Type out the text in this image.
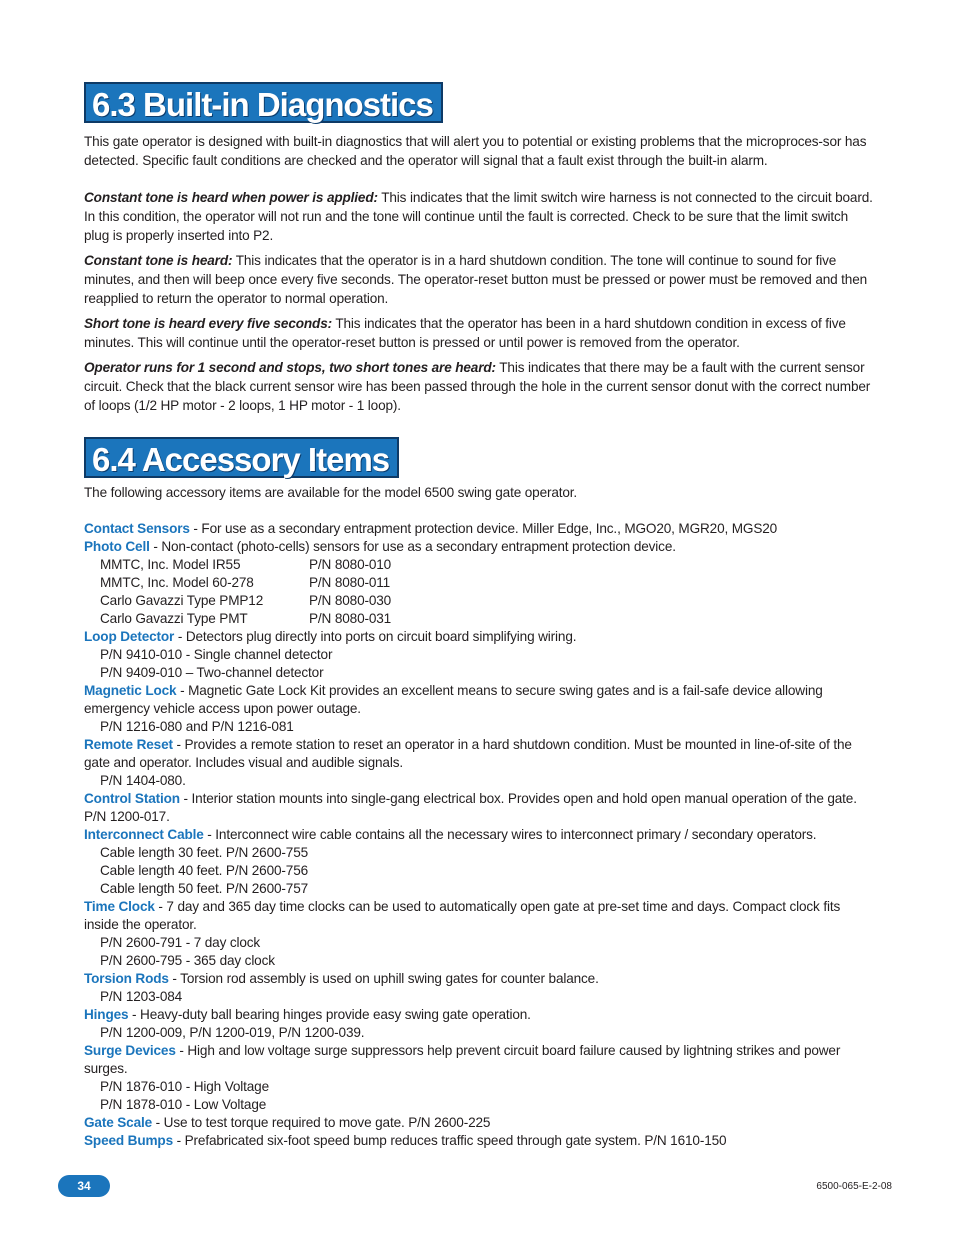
6.3 Built-in Diagnostics

This gate operator is designed with built-in diagnostics that will alert you to potential or existing problems that the microproces-sor has detected. Specific fault conditions are checked and the operator will signal that a fault exist through the built-in alarm.

Constant tone is heard when power is applied: This indicates that the limit switch wire harness is not connected to the circuit board. In this condition, the operator will not run and the tone will continue until the fault is corrected. Check to be sure that the limit switch plug is properly inserted into P2.

Constant tone is heard: This indicates that the operator is in a hard shutdown condition. The tone will continue to sound for five minutes, and then will beep once every five seconds. The operator-reset button must be pressed or power must be removed and then reapplied to return the operator to normal operation.

Short tone is heard every five seconds: This indicates that the operator has been in a hard shutdown condition in excess of five minutes. This will continue until the operator-reset button is pressed or until power is removed from the operator.

Operator runs for 1 second and stops, two short tones are heard: This indicates that there may be a fault with the current sensor circuit. Check that the black current sensor wire has been passed through the hole in the current sensor donut with the correct number of loops (1/2 HP motor - 2 loops, 1 HP motor - 1 loop).

6.4 Accessory Items

The following accessory items are available for the model 6500 swing gate operator.

Contact Sensors - For use as a secondary entrapment protection device. Miller Edge, Inc., MGO20, MGR20, MGS20

Photo Cell - Non-contact (photo-cells) sensors for use as a secondary entrapment protection device.

MMTC, Inc. Model IR55	P/N 8080-010
MMTC, Inc. Model 60-278	P/N 8080-011
Carlo Gavazzi Type PMP12	P/N 8080-030
Carlo Gavazzi Type PMT	P/N 8080-031

Loop Detector - Detectors plug directly into ports on circuit board simplifying wiring.

P/N 9410-010 - Single channel detector

P/N 9409-010 – Two-channel detector

Magnetic Lock - Magnetic Gate Lock Kit provides an excellent means to secure swing gates and is a fail-safe device allowing emergency vehicle access upon power outage.

P/N 1216-080 and P/N 1216-081

Remote Reset - Provides a remote station to reset an operator in a hard shutdown condition. Must be mounted in line-of-site of the gate and operator. Includes visual and audible signals.

P/N 1404-080.

Control Station - Interior station mounts into single-gang electrical box. Provides open and hold open manual operation of the gate. P/N 1200-017.

Interconnect Cable - Interconnect wire cable contains all the necessary wires to interconnect primary / secondary operators.

Cable length 30 feet. P/N 2600-755

Cable length 40 feet. P/N 2600-756

Cable length 50 feet. P/N 2600-757

Time Clock - 7 day and 365 day time clocks can be used to automatically open gate at pre-set time and days. Compact clock fits inside the operator.

P/N 2600-791 - 7 day clock

P/N 2600-795 - 365 day clock

Torsion Rods - Torsion rod assembly is used on uphill swing gates for counter balance.

P/N 1203-084

Hinges - Heavy-duty ball bearing hinges provide easy swing gate operation.

P/N 1200-009, P/N 1200-019, P/N 1200-039.

Surge Devices - High and low voltage surge suppressors help prevent circuit board failure caused by lightning strikes and power surges.

P/N 1876-010 - High Voltage

P/N 1878-010 - Low Voltage

Gate Scale - Use to test torque required to move gate. P/N 2600-225

Speed Bumps - Prefabricated six-foot speed bump reduces traffic speed through gate system. P/N 1610-150

34	6500-065-E-2-08
